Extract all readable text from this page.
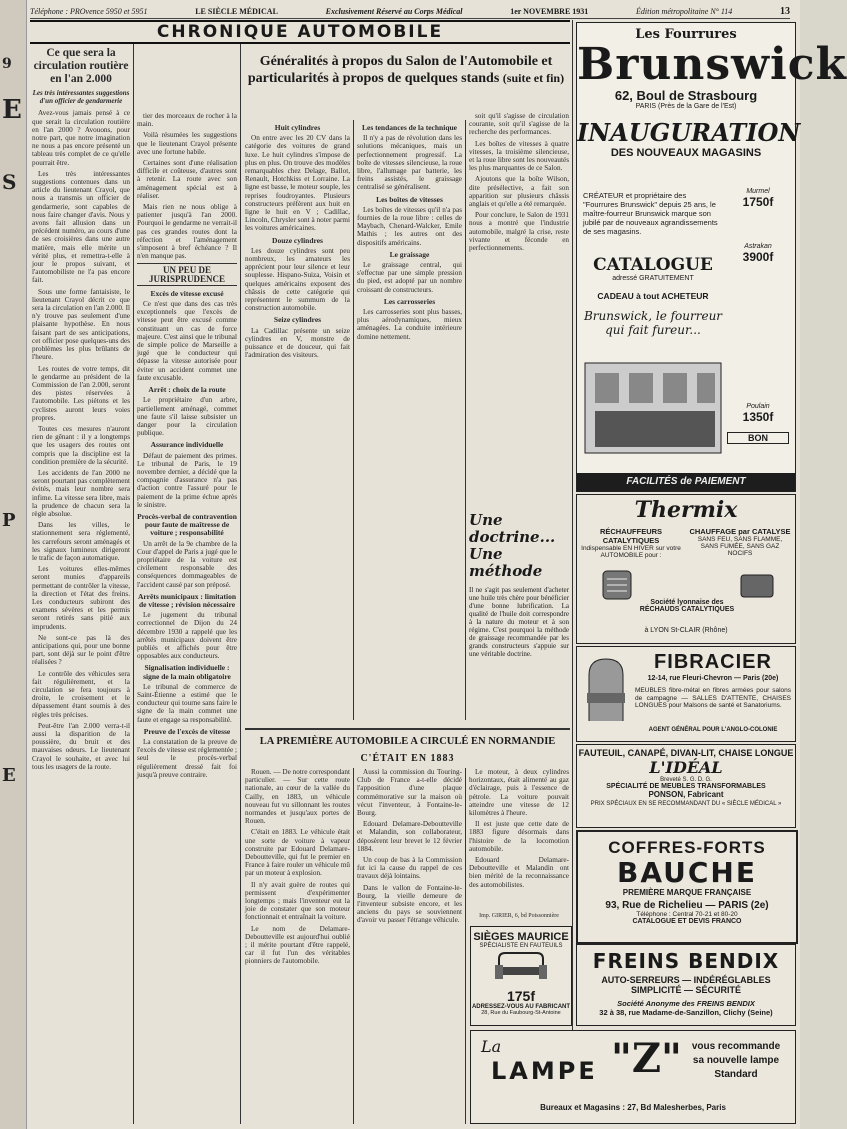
9
E
S
P
E
Téléphone : PROvence 5950 et 5951	LE SIÈCLE MÉDICAL	Exclusivement Réservé au Corps Médical	1er NOVEMBRE 1931	Édition métropolitaine N° 114	13
CHRONIQUE AUTOMOBILE
Ce que sera la circulation routière en l'an 2.000
Les très intéressantes suggestions d'un officier de gendarmerie

Avez-vous jamais pensé à ce que serait la circulation routière en l'an 2000 ? Avouons, pour notre part, que notre imagination ne nous a pas encore présenté un tableau très complet de ce qu'elle pourrait être.

Les très intéressantes suggestions contenues dans un article du lieutenant Crayol, que nous a transmis un officier de gendarmerie, sont capables de nous faire changer d'avis. Nous y avons fait allusion dans un précédent numéro, au cours d'une de ses croisières dans une autre matière, mais elle mérite un vérité plus, et remettra-t-elle à jour le propos suivant, et l'automobiliste ne l'a pas encore fait.

Sous une forme fantaisiste, le lieutenant Crayol décrit ce que sera la circulation en l'an 2.000. Il n'y trouve pas seulement d'une plaisante hypothèse. En nous faisant part de ses anticipations, cet officier pose quelques-uns des problèmes les plus brûlants de l'heure.

Les routes de votre temps, dit le gendarme au président de la Commission de l'an 2.000, seront des pistes réservées à l'automobile. Les piétons et les cyclistes auront leurs voies propres.

Toutes ces mesures n'auront rien de gênant : il y a longtemps que les usagers des routes ont compris que la discipline est la condition première de la sécurité.

Les accidents de l'an 2000 ne seront pourtant pas complètement évités, mais leur nombre sera infime. La vitesse sera libre, mais la prudence de chacun sera la règle absolue.

Dans les villes, le stationnement sera réglementé, les carrefours seront aménagés et les signaux lumineux dirigeront le trafic de façon automatique.

Les voitures elles-mêmes seront munies d'appareils permettant de contrôler la vitesse, la direction et l'état des freins. Les conducteurs subiront des examens sévères et les permis seront retirés sans pitié aux imprudents.

Ne sont-ce pas là des anticipations qui, pour une bonne part, sont déjà sur le point d'être réalisées ?

Le contrôle des véhicules sera fait régulièrement, et la circulation se fera toujours à droite, le croisement et le dépassement étant soumis à des règles très précises.

Peut-être l'an 2.000 verra-t-il aussi la disparition de la poussière, du bruit et des mauvaises odeurs. Le lieutenant Crayol le souhaite, et avec lui tous les usagers de la route.

tier des morceaux de rocher à la main.

Voilà résumées les suggestions que le lieutenant Crayol présente avec une fortune habile.

Certaines sont d'une réalisation difficile et coûteuse, d'autres sont à retenir. La route avec son aménagement spécial est à réaliser.

Mais rien ne nous oblige à patienter jusqu'à l'an 2000. Pourquoi le gendarme ne verrait-il pas ces grandes routes dont la réfection et l'aménagement s'imposent à bref échéance ? Il n'en manque pas.

UN PEU DE JURISPRUDENCE
Excès de vitesse excusé

Ce n'est que dans des cas très exceptionnels que l'excès de vitesse peut être excusé comme constituant un cas de force majeure. C'est ainsi que le tribunal de simple police de Marseille a jugé que le conducteur qui dépasse la vitesse autorisée pour éviter un accident commet une faute excusable.

Arrêt : choix de la route

Le propriétaire d'un arbre, partiellement aménagé, commet une faute s'il laisse subsister un danger pour la circulation publique.

Assurance individuelle

Défaut de paiement des primes. Le tribunal de Paris, le 19 novembre dernier, a décidé que la compagnie d'assurance n'a pas d'action contre l'assuré pour le paiement de la prime échue après le sinistre.

Procès-verbal de contravention pour faute de maîtresse de voiture ; responsabilité

Un arrêt de la 9e chambre de la Cour d'appel de Paris a jugé que le propriétaire de la voiture est civilement responsable des conséquences dommageables de l'accident causé par son préposé.

Arrêts municipaux : limitation de vitesse ; révision nécessaire

Le jugement du tribunal correctionnel de Dijon du 24 décembre 1930 a rappelé que les arrêtés municipaux doivent être publiés et affichés pour être opposables aux conducteurs.

Signalisation individuelle : signe de la main obligatoire

Le tribunal de commerce de Saint-Étienne a estimé que le conducteur qui tourne sans faire le signe de la main commet une faute et engage sa responsabilité.

Preuve de l'excès de vitesse

La constatation de la preuve de l'excès de vitesse est réglementée ; seul le procès-verbal régulièrement dressé fait foi jusqu'à preuve contraire.

Généralités à propos du Salon de l'Automobile et particularités à propos de quelques stands (suite et fin)
Huit cylindres

On entre avec les 20 CV dans la catégorie des voitures de grand luxe. Le huit cylindres s'impose de plus en plus. On trouve des modèles remarquables chez Delage, Ballot, Renault, Hotchkiss et Lorraine. La ligne est basse, le moteur souple, les reprises foudroyantes. Plusieurs constructeurs préfèrent aux huit en ligne le huit en V ; Cadillac, Lincoln, Chrysler sont à noter parmi les voitures américaines.

Douze cylindres

Les douze cylindres sont peu nombreux, les amateurs les apprécient pour leur silence et leur souplesse. Hispano-Suiza, Voisin et quelques américains exposent des châssis de cette catégorie qui représentent le summum de la construction automobile.

Seize cylindres

La Cadillac présente un seize cylindres en V, monstre de puissance et de douceur, qui fait l'admiration des visiteurs.

Les tendances de la technique

Il n'y a pas de révolution dans les solutions mécaniques, mais un perfectionnement progressif. La boîte de vitesses silencieuse, la roue libre, l'allumage par batterie, les freins assistés, le graissage centralisé se généralisent.

Les boîtes de vitesses

Les boîtes de vitesses qu'il n'a pas fournies de la roue libre : celles de Maybach, Chenard-Walcker, Emile Mathis ; les autres ont des dispositifs américains.

Le graissage

Le graissage central, qui s'effectue par une simple pression du pied, est adopté par un nombre croissant de constructeurs.

Les carrosseries

Les carrosseries sont plus basses, plus aérodynamiques, mieux aménagées. La conduite intérieure domine nettement.

soit qu'il s'agisse de circulation courante, soit qu'il s'agisse de la recherche des performances.

Les boîtes de vitesses à quatre vitesses, la troisième silencieuse, et la roue libre sont les nouveautés les plus marquantes de ce Salon.

Ajoutons que la boîte Wilson, dite présélective, a fait son apparition sur plusieurs châssis anglais et qu'elle a été remarquée.

Pour conclure, le Salon de 1931 nous a montré que l'industrie automobile, malgré la crise, reste vivante et féconde en perfectionnements.

Une doctrine...
Une méthode
Il ne s'agit pas seulement d'acheter une huile très chère pour bénéficier d'une bonne lubrification. La qualité de l'huile doit correspondre à la nature du moteur et à son régime. C'est pourquoi la méthode de graissage recommandée par les grands constructeurs s'appuie sur une véritable doctrine.
LA PREMIÈRE AUTOMOBILE A CIRCULÉ EN NORMANDIE
C'ÉTAIT EN 1883

Rouen. — De notre correspondant particulier. — Sur cette route nationale, au cœur de la vallée du Cailly, en 1883, un véhicule nouveau fut vu sillonnant les routes normandes et jusqu'aux portes de Rouen.

C'était en 1883. Le véhicule était une sorte de voiture à vapeur construite par Edouard Delamare-Deboutteville, qui fut le premier en France à faire rouler un véhicule mû par un moteur à explosion.

Il n'y avait guère de routes qui permissent d'expérimenter longtemps ; mais l'inventeur eut la joie de constater que son moteur fonctionnait et entraînait la voiture.

Le nom de Delamare-Deboutteville est aujourd'hui oublié ; il mérite pourtant d'être rappelé, car il fut l'un des véritables pionniers de l'automobile.

Aussi la commission du Touring-Club de France a-t-elle décidé l'apposition d'une plaque commémorative sur la maison où vécut l'inventeur, à Fontaine-le-Bourg.

Edouard Delamare-Deboutteville et Malandin, son collaborateur, déposèrent leur brevet le 12 février 1884.

Un coup de bas à la Commission fut ici la cause du rappel de ces travaux déjà lointains.

Dans le vallon de Fontaine-le-Bourg, la vieille demeure de l'inventeur subsiste encore, et les anciens du pays se souviennent d'avoir vu passer l'étrange véhicule.

Le moteur, à deux cylindres horizontaux, était alimenté au gaz d'éclairage, puis à l'essence de pétrole. La voiture pouvait atteindre une vitesse de 12 kilomètres à l'heure.

Il est juste que cette date de 1883 figure désormais dans l'histoire de la locomotion automobile.

Edouard Delamare-Deboutteville et Malandin ont bien mérité de la reconnaissance des automobilistes.

Imp. GIRIER, 6, bd Poissonnière
SIÈGES MAURICE
SPÉCIALISTE EN FAUTEUILS
175f
ADRESSEZ-VOUS AU FABRICANT
28, Rue du Faubourg-St-Antoine
Les Fourrures
Brunswick
62, Boul de Strasbourg
PARIS (Près de la Gare de l'Est)
INAUGURATION
DES NOUVEAUX MAGASINS
CRÉATEUR et propriétaire des "Fourrures Brunswick" depuis 25 ans, le maître-fourreur Brunswick marque son jubilé par de nouveaux agrandissements de ses magasins.
Murmel
1750f
Astrakan
3900f
CATALOGUE
adressé GRATUITEMENT
CADEAU à tout ACHETEUR
Brunswick, le fourreur qui fait fureur...
Poulain
1350f
BON
FACILITÉS de PAIEMENT
Thermix
RÉCHAUFFEURS CATALYTIQUES
Indispensable EN HIVER sur votre AUTOMOBILE pour :
CHAUFFAGE par CATALYSE
SANS FEU, SANS FLAMME, SANS FUMÉE, SANS GAZ NOCIFS
Société lyonnaise des RÉCHAUDS CATALYTIQUES
à LYON St-CLAIR (Rhône)
FIBRACIER
12-14, rue Fleuri-Chevron — Paris (20e)
MEUBLES fibre-métal en fibres armées pour salons de campagne — SALLES D'ATTENTE, CHAISES LONGUES pour Malsons de santé et Sanatoriums.
AGENT GÉNÉRAL POUR L'ANGLO-COLONIE
FAUTEUIL, CANAPÉ, DIVAN-LIT, CHAISE LONGUE
L'IDÉAL
Breveté S. G. D. G.
SPÉCIALITÉ DE MEUBLES TRANSFORMABLES
PONSON, Fabricant
PRIX SPÉCIAUX EN SE RECOMMANDANT DU « SIÈCLE MÉDICAL »
COFFRES-FORTS
BAUCHE
PREMIÈRE MARQUE FRANÇAISE
93, Rue de Richelieu — PARIS (2e)
Téléphone : Central 70-21 et 80-20
CATALOGUE ET DEVIS FRANCO
FREINS BENDIX
AUTO-SERREURS — INDÉRÉGLABLES
SIMPLICITÉ — SÉCURITÉ
Société Anonyme des FREINS BENDIX
32 à 38, rue Madame-de-Sanzillon, Clichy (Seine)
La
LAMPE "Z" vous recommande
sa nouvelle lampe
Standard
Bureaux et Magasins : 27, Bd Malesherbes, Paris
